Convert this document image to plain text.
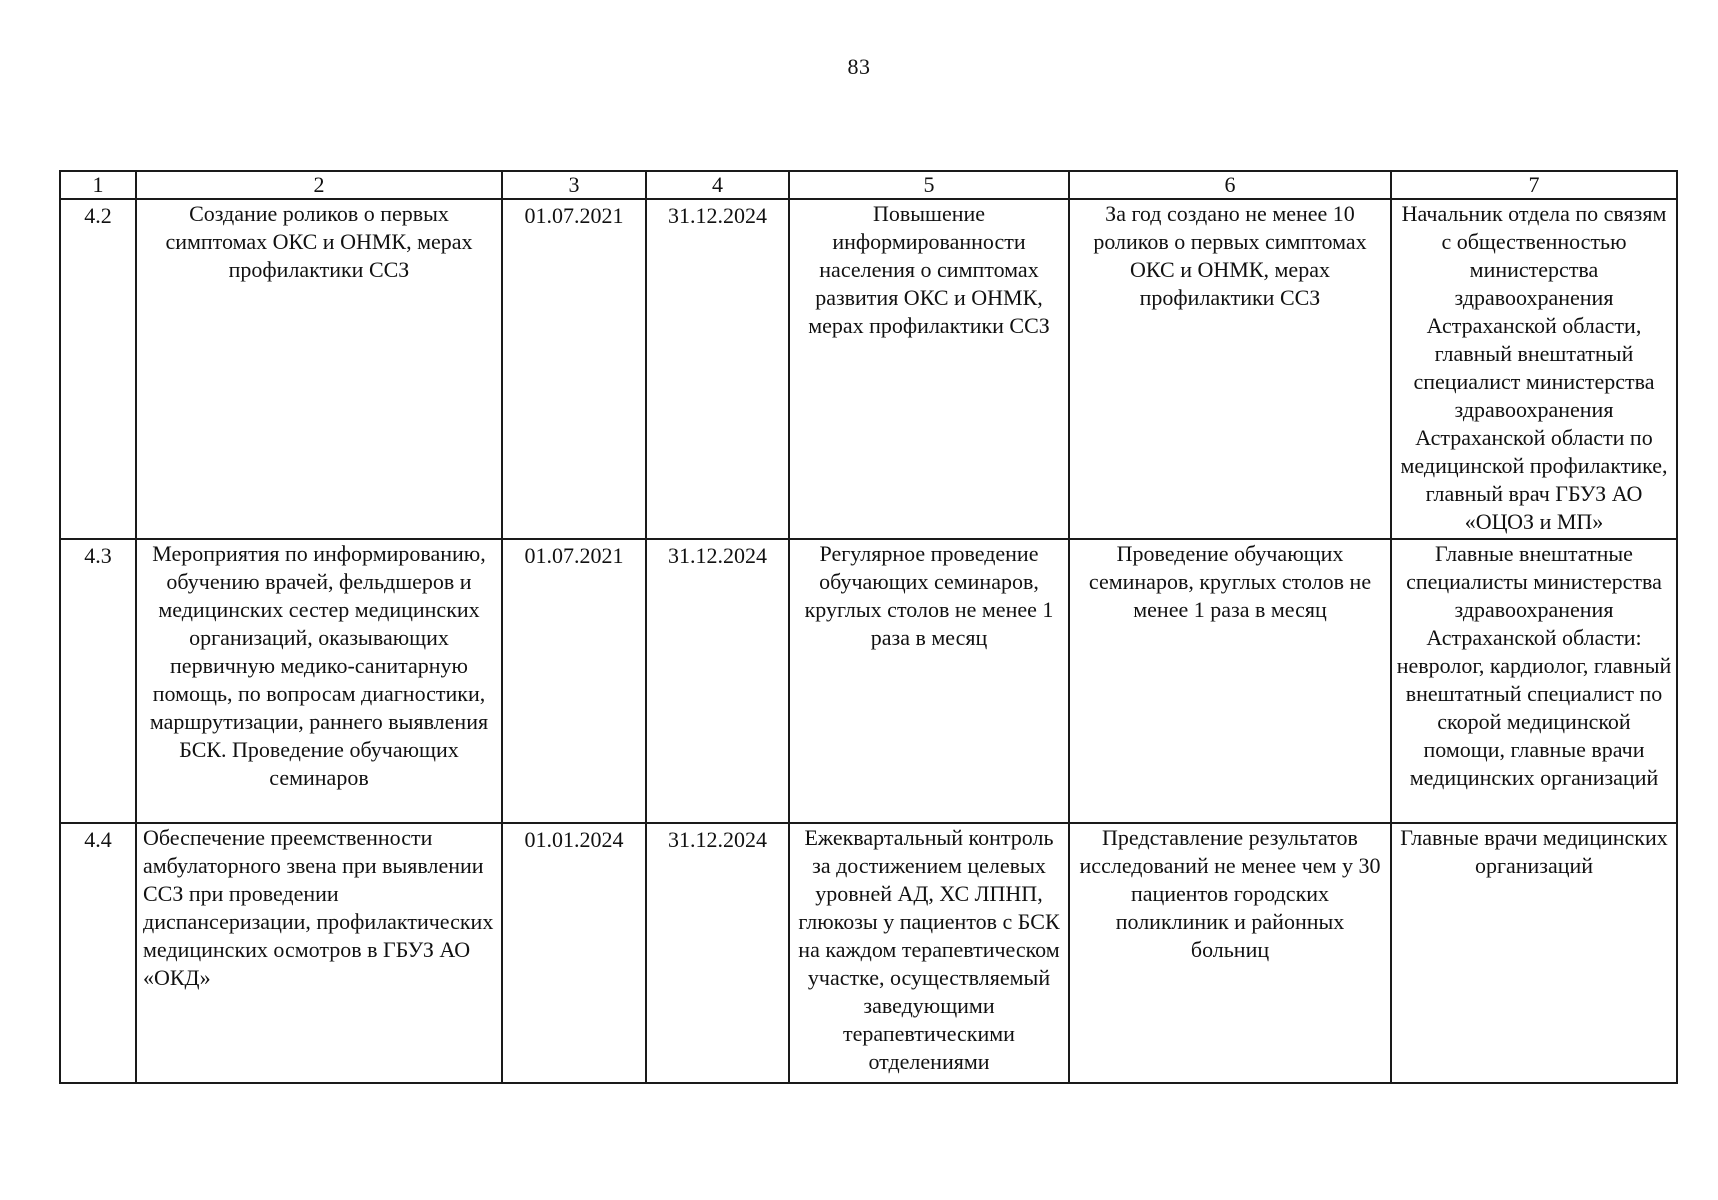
83
1	2	3	4	5	6	7
4.2	Создание роликов о первых симптомах ОКС и ОНМК, мерах профилактики ССЗ	01.07.2021	31.12.2024	Повышение информированности населения о симптомах развития ОКС и ОНМК, мерах профилактики ССЗ	За год создано не менее 10 роликов о первых симптомах ОКС и ОНМК, мерах профилактики ССЗ	Начальник отдела по связям с общественностью министерства здравоохранения Астраханской области, главный внештатный специалист министерства здравоохранения Астраханской области по медицинской профилактике, главный врач ГБУЗ АО «ОЦОЗ и МП»
4.3	Мероприятия по информированию, обучению врачей, фельдшеров и медицинских сестер медицинских организаций, оказывающих первичную медико-санитарную помощь, по вопросам диагностики, маршрутизации, раннего выявления БСК. Проведение обучающих семинаров	01.07.2021	31.12.2024	Регулярное проведение обучающих семинаров, круглых столов не менее 1 раза в месяц	Проведение обучающих семинаров, круглых столов не менее 1 раза в месяц	Главные внештатные специалисты министерства здравоохранения Астраханской области: невролог, кардиолог, главный внештатный специалист по скорой медицинской помощи, главные врачи медицинских организаций
4.4	Обеспечение преемственности амбулаторного звена при выявлении ССЗ при проведении диспансеризации, профилактических медицинских осмотров в ГБУЗ АО «ОКД»	01.01.2024	31.12.2024	Ежеквартальный контроль за достижением целевых уровней АД, ХС ЛПНП, глюкозы у пациентов с БСК на каждом терапевтическом участке, осуществляемый заведующими терапевтическими отделениями	Представление результатов исследований не менее чем у 30 пациентов городских поликлиник и районных больниц	Главные врачи медицинских организаций
